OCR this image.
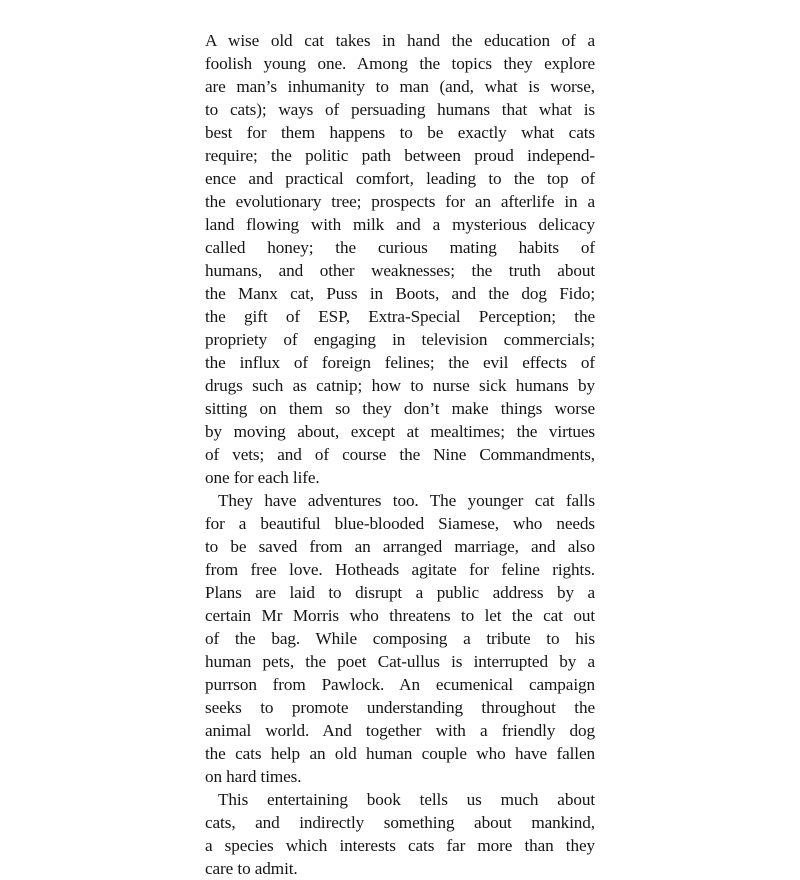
A wise old cat takes in hand the education of a
foolish young one. Among the topics they explore
are man’s inhumanity to man (and, what is worse,
to cats); ways of persuading humans that what is
best for them happens to be exactly what cats
require; the politic path between proud independ-
ence and practical comfort, leading to the top of
the evolutionary tree; prospects for an afterlife in a
land flowing with milk and a mysterious delicacy
called honey; the curious mating habits of
humans, and other weaknesses; the truth about
the Manx cat, Puss in Boots, and the dog Fido;
the gift of ESP, Extra-Special Perception; the
propriety of engaging in television commercials;
the influx of foreign felines; the evil effects of
drugs such as catnip; how to nurse sick humans by
sitting on them so they don’t make things worse
by moving about, except at mealtimes; the virtues
of vets; and of course the Nine Commandments,
one for each life.
They have adventures too. The younger cat falls
for a beautiful blue-blooded Siamese, who needs
to be saved from an arranged marriage, and also
from free love. Hotheads agitate for feline rights.
Plans are laid to disrupt a public address by a
certain Mr Morris who threatens to let the cat out
of the bag. While composing a tribute to his
human pets, the poet Cat-ullus is interrupted by a
purrson from Pawlock. An ecumenical campaign
seeks to promote understanding throughout the
animal world. And together with a friendly dog
the cats help an old human couple who have fallen
on hard times.
This entertaining book tells us much about
cats, and indirectly something about mankind,
a species which interests cats far more than they
care to admit.
